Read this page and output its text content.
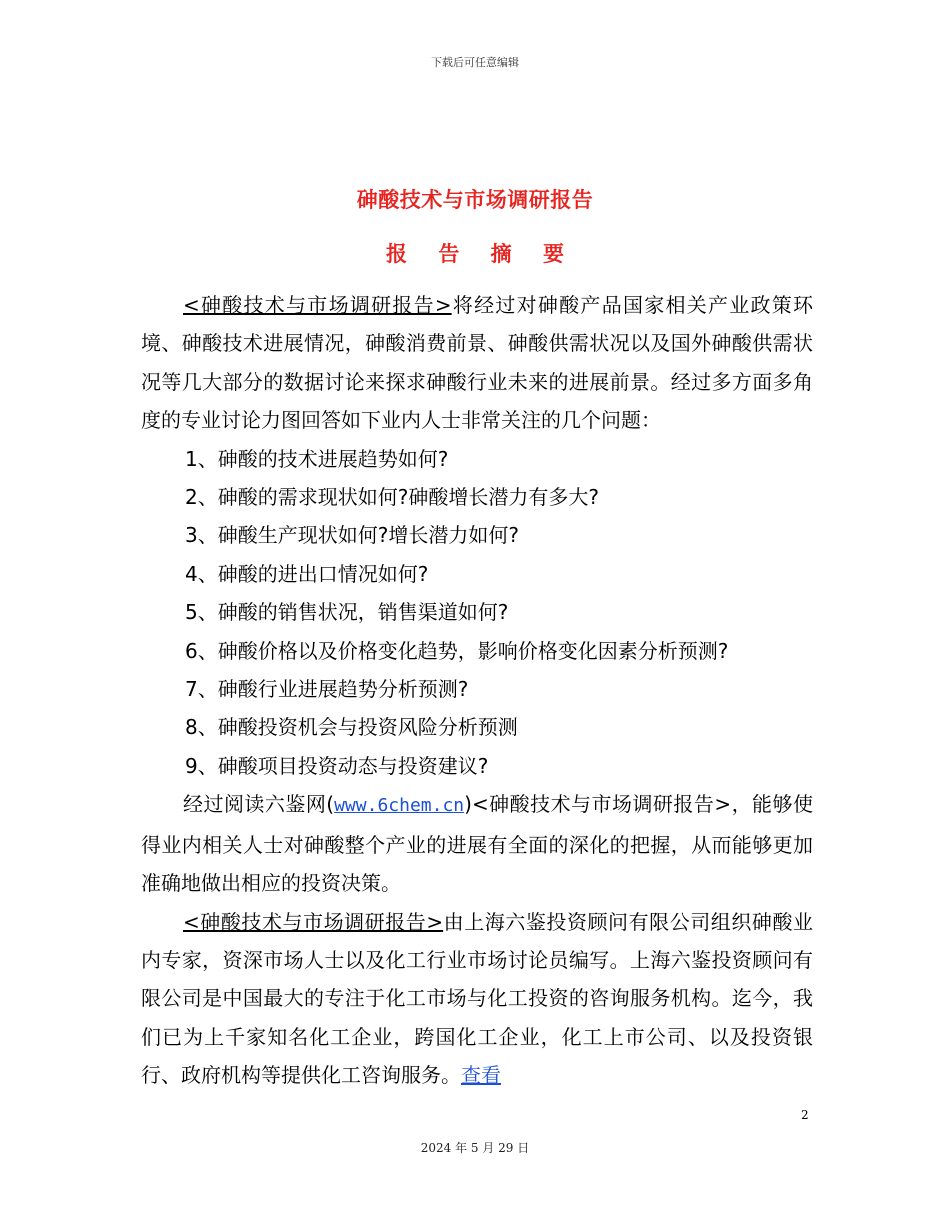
下载后可任意编辑
砷酸技术与市场调研报告
报 告 摘 要

<砷酸技术与市场调研报告>将经过对砷酸产品国家相关产业政策环境、砷酸技术进展情况，砷酸消费前景、砷酸供需状况以及国外砷酸供需状况等几大部分的数据讨论来探求砷酸行业未来的进展前景。经过多方面多角度的专业讨论力图回答如下业内人士非常关注的几个问题：

1、砷酸的技术进展趋势如何?

2、砷酸的需求现状如何?砷酸增长潜力有多大?

3、砷酸生产现状如何?增长潜力如何?

4、砷酸的进出口情况如何?

5、砷酸的销售状况，销售渠道如何?

6、砷酸价格以及价格变化趋势，影响价格变化因素分析预测?

7、砷酸行业进展趋势分析预测?

8、砷酸投资机会与投资风险分析预测

9、砷酸项目投资动态与投资建议?

经过阅读六鉴网(www.6chem.cn)<砷酸技术与市场调研报告>，能够使得业内相关人士对砷酸整个产业的进展有全面的深化的把握，从而能够更加准确地做出相应的投资决策。

<砷酸技术与市场调研报告>由上海六鉴投资顾问有限公司组织砷酸业内专家，资深市场人士以及化工行业市场讨论员编写。上海六鉴投资顾问有限公司是中国最大的专注于化工市场与化工投资的咨询服务机构。迄今，我们已为上千家知名化工企业，跨国化工企业，化工上市公司、以及投资银行、政府机构等提供化工咨询服务。查看

2
2024 年 5 月 29 日
